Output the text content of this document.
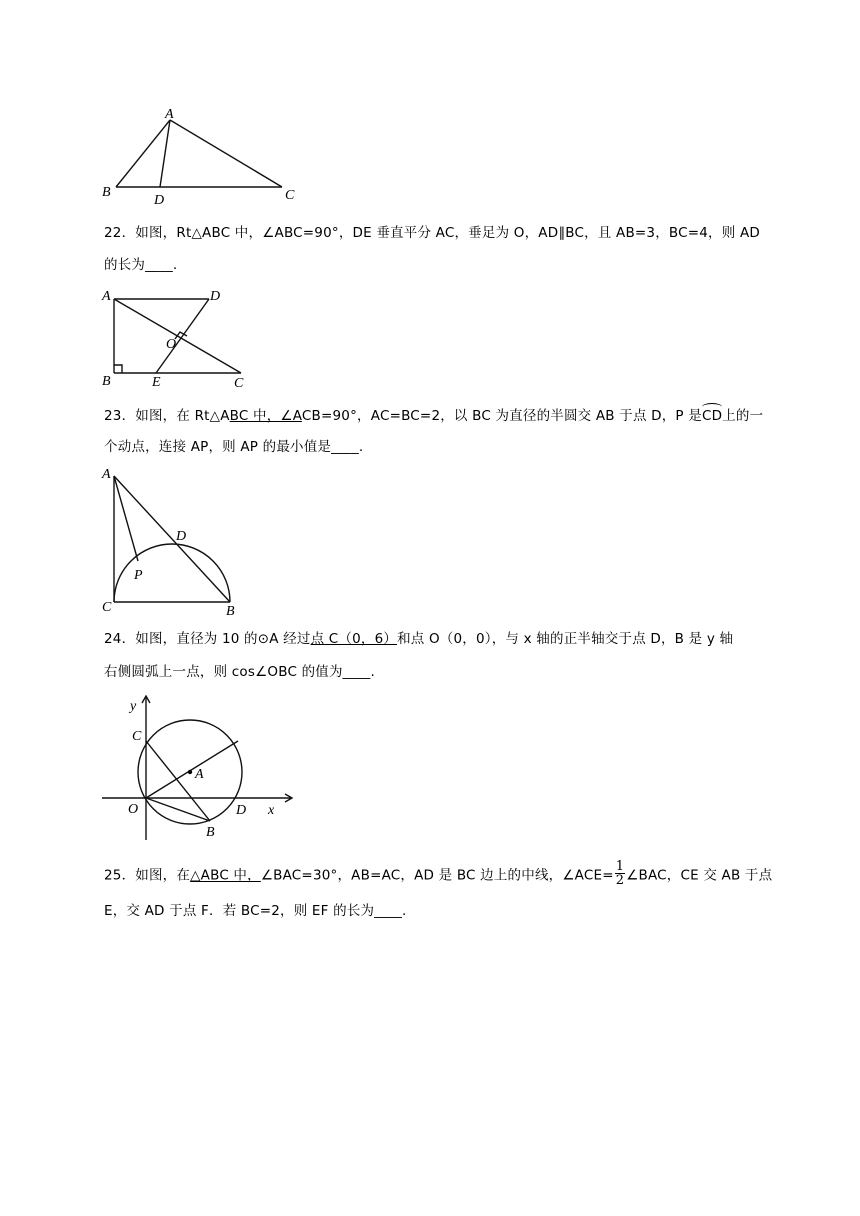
A
B
D	C
22．如图，Rt△ABC 中，∠ABC=90°，DE 垂直平分 AC，垂足为 O，AD∥BC，且 AB=3，BC=4，则 AD
的长为____.
A	D
O
B	E	C
23．如图，在 Rt△ABC 中，∠ACB=90°，AC=BC=2，以 BC 为直径的半圆交 AB 于点 D，P 是CD上的一
个动点，连接 AP，则 AP 的最小值是____.
A
D
P
C	B
24．如图，直径为 10 的⊙A 经过点 C（0，6）和点 O（0，0），与 x 轴的正半轴交于点 D，B 是 y 轴
右侧圆弧上一点，则 cos∠OBC 的值为____.
y
C
A
O	D x
B
25．如图，在△ABC 中，∠BAC=30°，AB=AC，AD 是 BC 边上的中线，∠ACE= $\frac{1}{2}$ ∠BAC，CE 交 AB 于点
E，交 AD 于点 F．若 BC=2，则 EF 的长为____.
